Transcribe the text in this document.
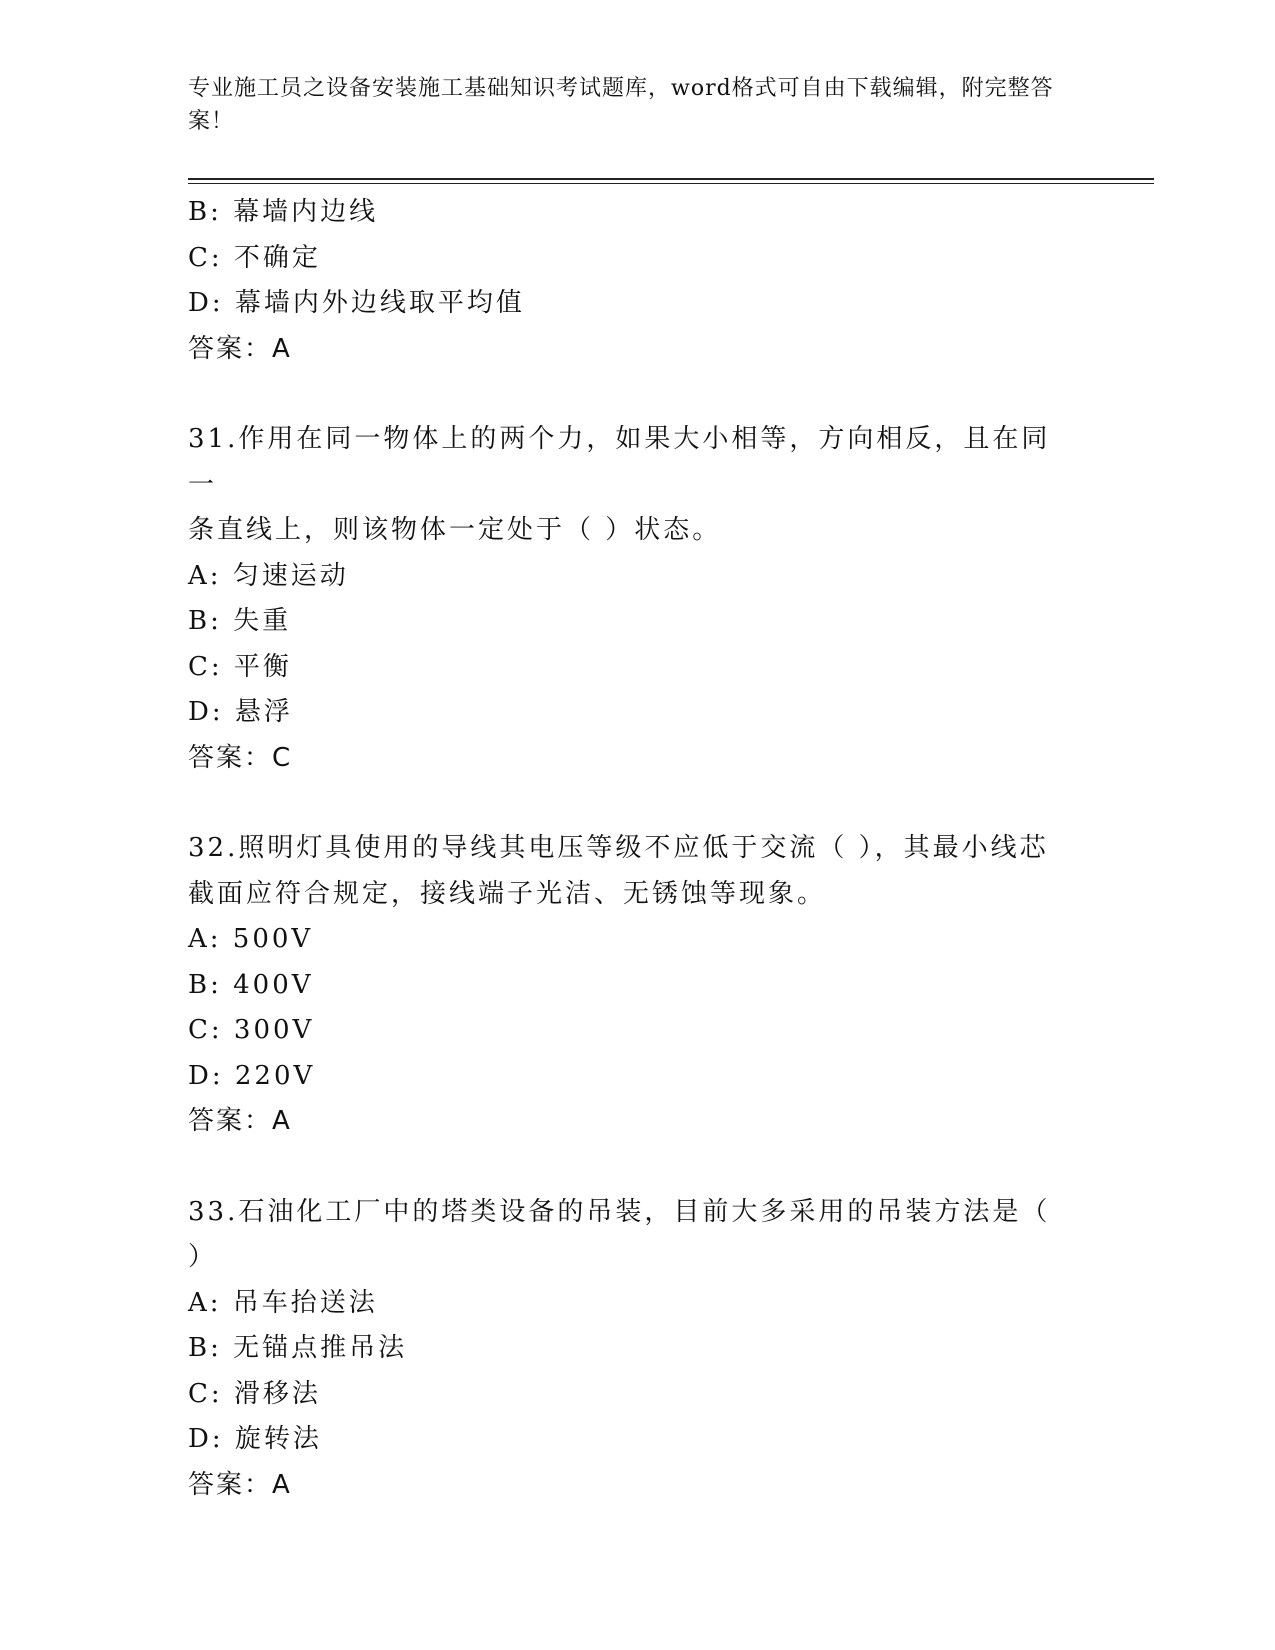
专业施工员之设备安装施工基础知识考试题库，word格式可自由下载编辑，附完整答案！
B: 幕墙内边线
C: 不确定
D: 幕墙内外边线取平均值
答案：A
31.作用在同一物体上的两个力，如果大小相等，方向相反，且在同一
条直线上，则该物体一定处于（ ）状态。
A: 匀速运动
B: 失重
C: 平衡
D: 悬浮
答案：C
32.照明灯具使用的导线其电压等级不应低于交流（ ），其最小线芯
截面应符合规定，接线端子光洁、无锈蚀等现象。
A: 500V
B: 400V
C: 300V
D: 220V
答案：A
33.石油化工厂中的塔类设备的吊装，目前大多采用的吊装方法是（
）
A: 吊车抬送法
B: 无锚点推吊法
C: 滑移法
D: 旋转法
答案：A
